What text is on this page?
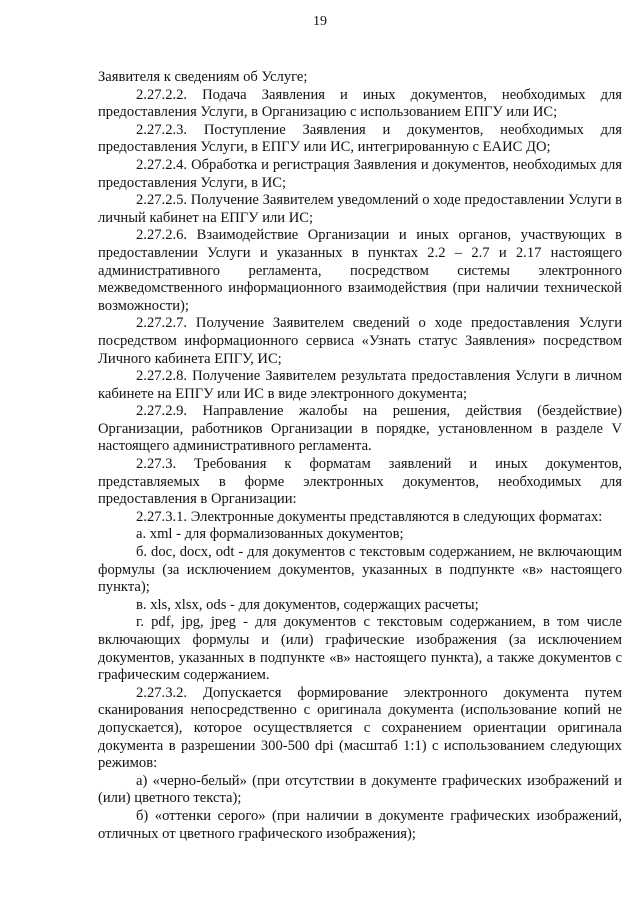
19

Заявителя к сведениям об Услуге;

2.27.2.2. Подача Заявления и иных документов, необходимых для предоставления Услуги, в Организацию с использованием ЕПГУ или ИС;

2.27.2.3. Поступление Заявления и документов, необходимых для предоставления Услуги, в ЕПГУ или ИС, интегрированную с ЕАИС ДО;

2.27.2.4. Обработка и регистрация Заявления и документов, необходимых для предоставления Услуги, в ИС;

2.27.2.5. Получение Заявителем уведомлений о ходе предоставлении Услуги в личный кабинет на ЕПГУ или ИС;

2.27.2.6. Взаимодействие Организации и иных органов, участвующих в предоставлении Услуги и указанных в пунктах 2.2 – 2.7 и 2.17 настоящего административного регламента, посредством системы электронного межведомственного информационного взаимодействия (при наличии технической возможности);

2.27.2.7. Получение Заявителем сведений о ходе предоставления Услуги посредством информационного сервиса «Узнать статус Заявления» посредством Личного кабинета ЕПГУ, ИС;

2.27.2.8. Получение Заявителем результата предоставления Услуги в личном кабинете на ЕПГУ или ИС в виде электронного документа;

2.27.2.9. Направление жалобы на решения, действия (бездействие) Организации, работников Организации в порядке, установленном в разделе V настоящего административного регламента.

2.27.3. Требования к форматам заявлений и иных документов, представляемых в форме электронных документов, необходимых для предоставления в Организации:

2.27.3.1. Электронные документы представляются в следующих форматах:

а. xml - для формализованных документов;

б. doc, docx, odt - для документов с текстовым содержанием, не включающим формулы (за исключением документов, указанных в подпункте «в» настоящего пункта);

в. xls, xlsx, ods - для документов, содержащих расчеты;

г. pdf, jpg, jpeg - для документов с текстовым содержанием, в том числе включающих формулы и (или) графические изображения (за исключением документов, указанных в подпункте «в» настоящего пункта), а также документов с графическим содержанием.

2.27.3.2. Допускается формирование электронного документа путем сканирования непосредственно с оригинала документа (использование копий не допускается), которое осуществляется с сохранением ориентации оригинала документа в разрешении 300-500 dpi (масштаб 1:1) с использованием следующих режимов:

а) «черно-белый» (при отсутствии в документе графических изображений и (или) цветного текста);

б) «оттенки серого» (при наличии в документе графических изображений, отличных от цветного графического изображения);
